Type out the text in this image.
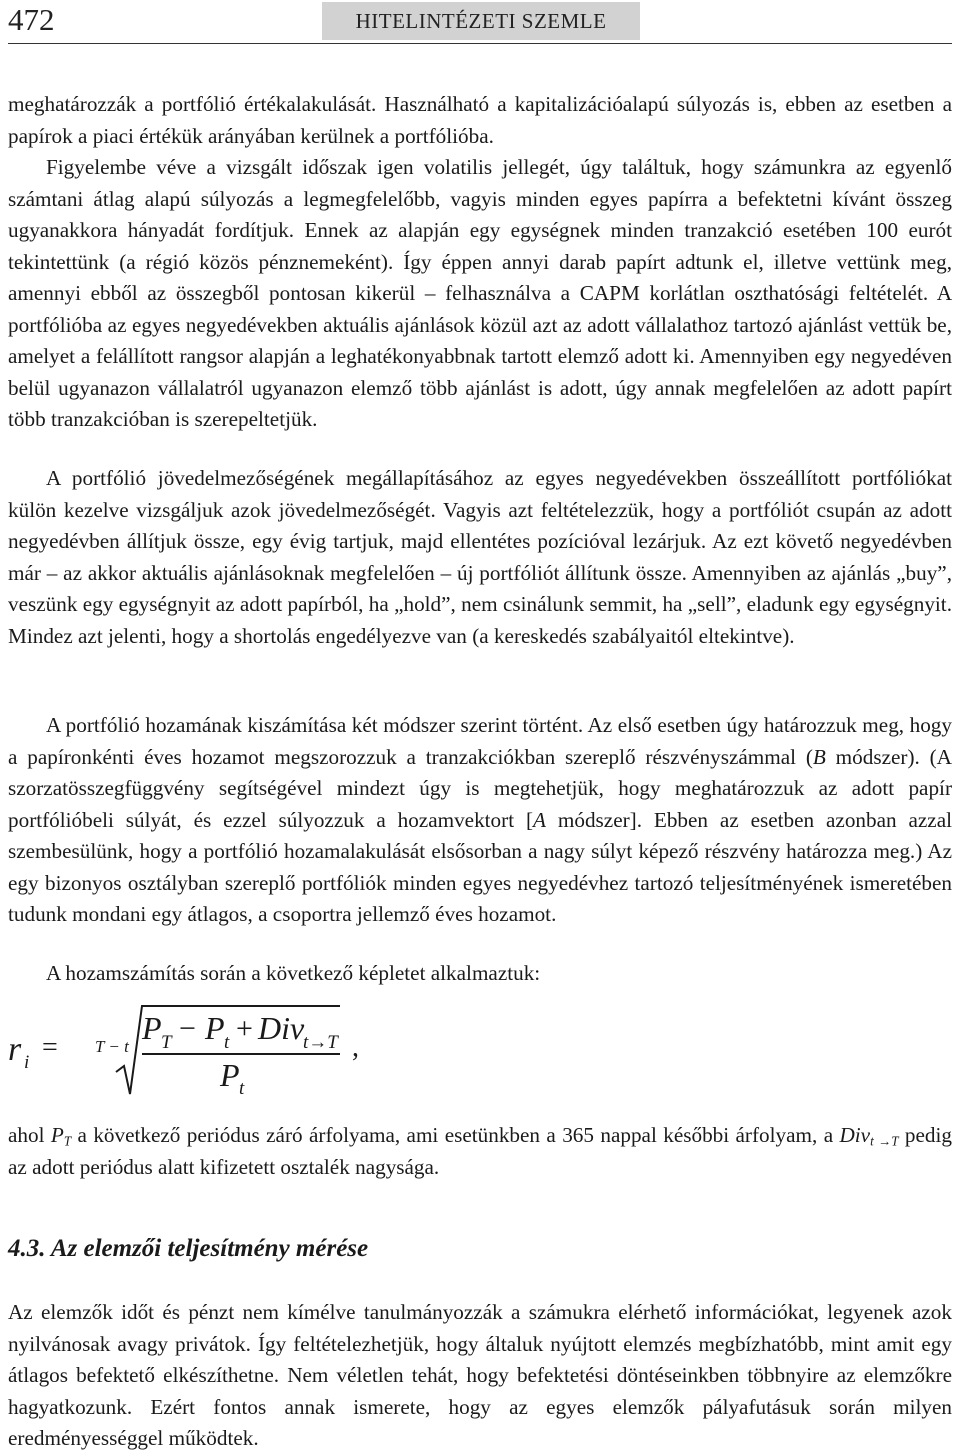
472	HITELINTÉZETI SZEMLE

meghatározzák a portfólió értékalakulását. Használható a kapitalizációalapú súlyozás is, ebben az esetben a papírok a piaci értékük arányában kerülnek a portfólióba.

Figyelembe véve a vizsgált időszak igen volatilis jellegét, úgy találtuk, hogy számunkra az egyenlő számtani átlag alapú súlyozás a legmegfelelőbb, vagyis minden egyes papírra a befektetni kívánt összeg ugyanakkora hányadát fordítjuk. Ennek az alapján egy egységnek minden tranzakció esetében 100 eurót tekintettünk (a régió közös pénznemeként). Így éppen annyi darab papírt adtunk el, illetve vettünk meg, amennyi ebből az összegből pontosan kikerül – felhasználva a CAPM korlátlan oszthatósági feltételét. A portfólióba az egyes negyedévekben aktuális ajánlások közül azt az adott vállalathoz tartozó ajánlást vettük be, amelyet a felállított rangsor alapján a leghatékonyabbnak tartott elemző adott ki. Amennyiben egy negyedéven belül ugyanazon vállalatról ugyanazon elemző több ajánlást is adott, úgy annak megfelelően az adott papírt több tranzakcióban is szerepeltetjük.

A portfólió jövedelmezőségének megállapításához az egyes negyedévekben összeállított portfóliókat külön kezelve vizsgáljuk azok jövedelmezőségét. Vagyis azt feltételezzük, hogy a portfóliót csupán az adott negyedévben állítjuk össze, egy évig tartjuk, majd ellentétes pozícióval lezárjuk. Az ezt követő negyedévben már – az akkor aktuális ajánlásoknak megfelelően – új portfóliót állítunk össze. Amennyiben az ajánlás „buy”, veszünk egy egységnyit az adott papírból, ha „hold”, nem csinálunk semmit, ha „sell”, eladunk egy egységnyit. Mindez azt jelenti, hogy a shortolás engedélyezve van (a kereskedés szabályaitól eltekintve).

A portfólió hozamának kiszámítása két módszer szerint történt. Az első esetben úgy határozzuk meg, hogy a papíronkénti éves hozamot megszorozzuk a tranzakciókban szereplő részvényszámmal (B módszer). (A szorzatösszegfüggvény segítségével mindezt úgy is megtehetjük, hogy meghatározzuk az adott papír portfólióbeli súlyát, és ezzel súlyozzuk a hozamvektort [A módszer]. Ebben az esetben azonban azzal szembesülünk, hogy a portfólió hozamalakulását elsősorban a nagy súlyt képező részvény határozza meg.) Az egy bizonyos osztályban szereplő portfóliók minden egyes negyedévhez tartozó teljesítményének ismeretében tudunk mondani egy átlagos, a csoportra jellemző éves hozamot.

A hozamszámítás során a következő képletet alkalmaztuk:

r i = T − t
P T − P t + Div
t→T
P t
,

ahol $P_T$ a következő periódus záró árfolyama, ami esetünkben a 365 nappal későbbi árfolyam, a Div$_{t \to T}$ pedig az adott periódus alatt kifizetett osztalék nagysága.

4.3. Az elemzői teljesítmény mérése

Az elemzők időt és pénzt nem kímélve tanulmányozzák a számukra elérhető információkat, legyenek azok nyilvánosak avagy privátok. Így feltételezhetjük, hogy általuk nyújtott elemzés megbízhatóbb, mint amit egy átlagos befektető elkészíthetne. Nem véletlen tehát, hogy befektetési döntéseinkben többnyire az elemzőkre hagyatkozunk. Ezért fontos annak ismerete, hogy az egyes elemzők pályafutásuk során milyen eredményességgel működtek.
